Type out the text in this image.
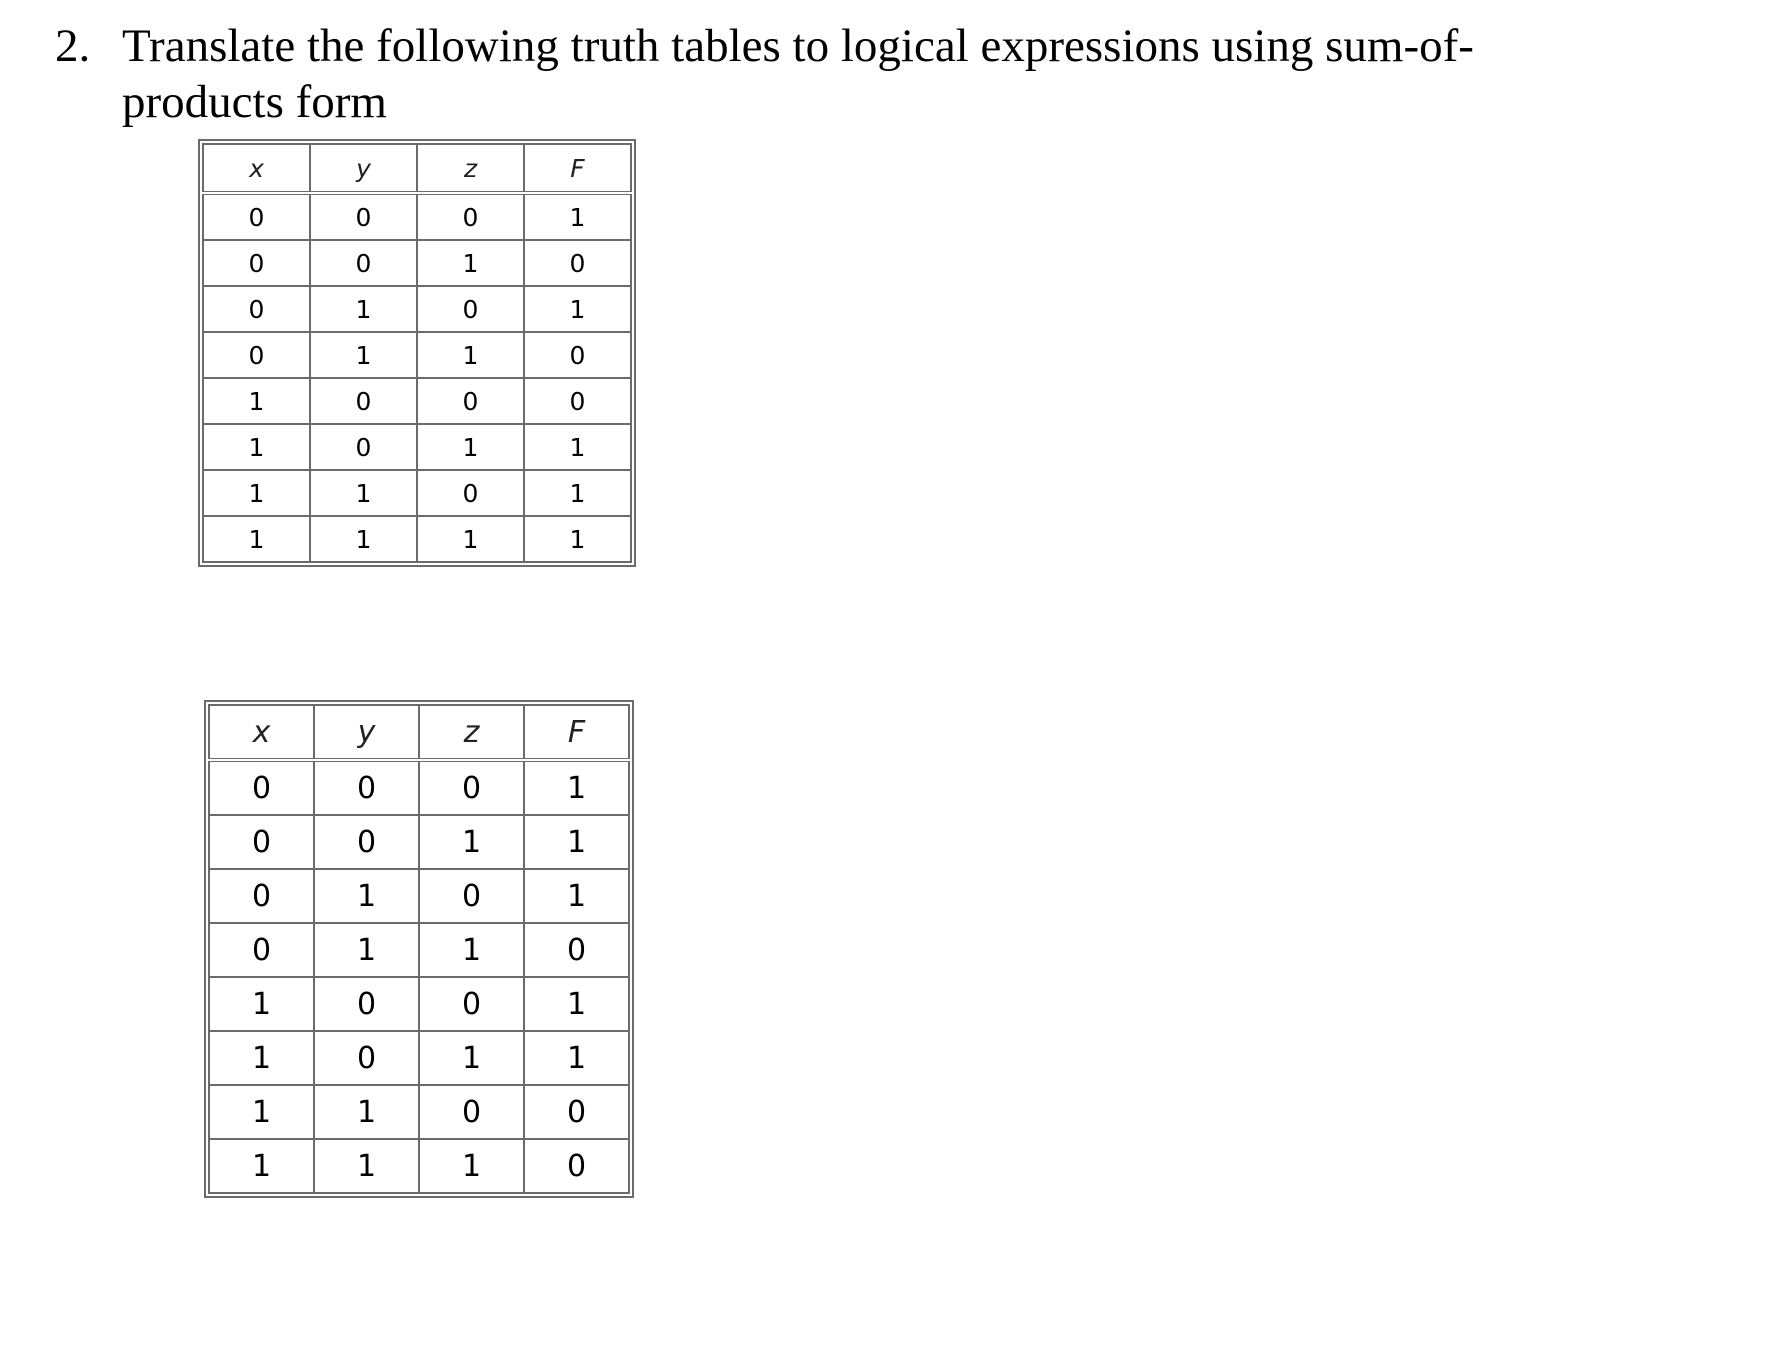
2. Translate the following truth tables to logical expressions using sum-of-
products form
x	y	z	F
0	0	0	1
0	0	1	0
0	1	0	1
0	1	1	0
1	0	0	0
1	0	1	1
1	1	0	1
1	1	1	1
x	y	z	F
0	0	0	1
0	0	1	1
0	1	0	1
0	1	1	0
1	0	0	1
1	0	1	1
1	1	0	0
1	1	1	0
